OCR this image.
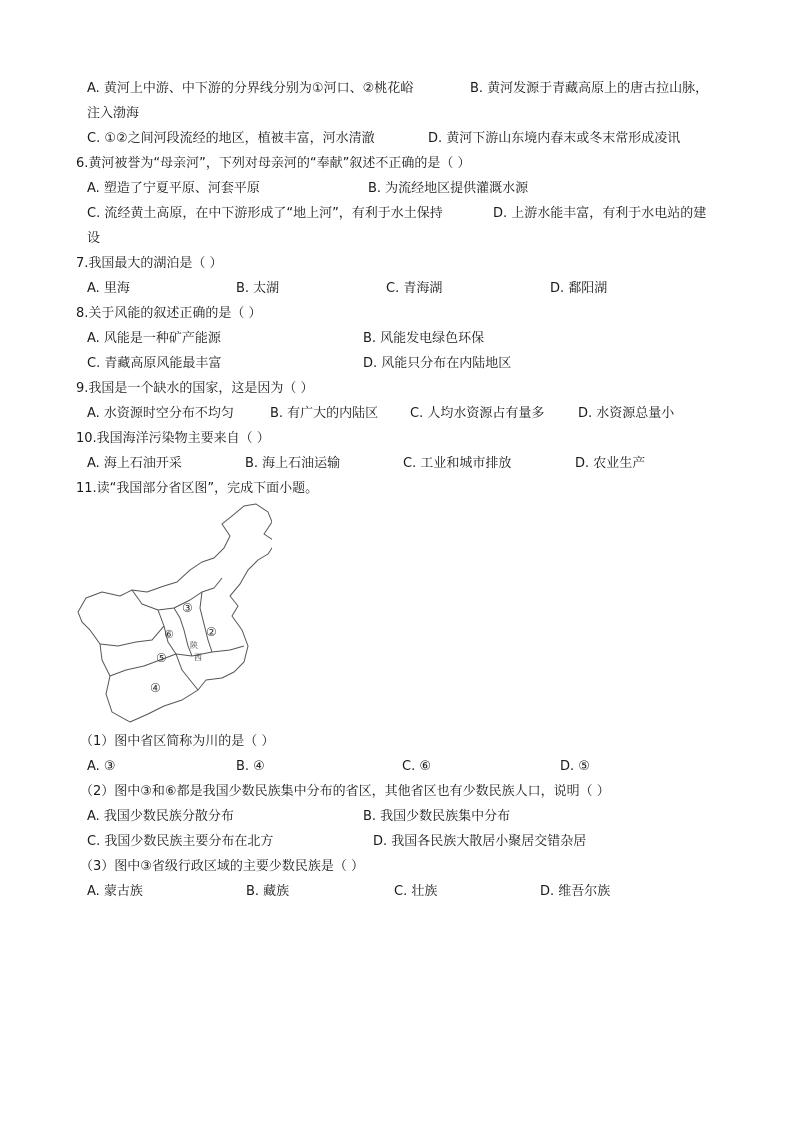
A. 黄河上中游、中下游的分界线分别为①河口、②桃花峪	B. 黄河发源于青藏高原上的唐古拉山脉，
注入渤海
C. ①②之间河段流经的地区，植被丰富，河水清澈	D. 黄河下游山东境内春末或冬末常形成凌讯
6.黄河被誉为“母亲河”，下列对母亲河的“奉献”叙述不正确的是（ ）
A. 塑造了宁夏平原、河套平原	B. 为流经地区提供灌溉水源
C. 流经黄土高原，在中下游形成了“地上河”，有利于水土保持	D. 上游水能丰富，有利于水电站的建
设
7.我国最大的湖泊是（ ）
A. 里海	B. 太湖	C. 青海湖	D. 鄱阳湖
8.关于风能的叙述正确的是（ ）
A. 风能是一种矿产能源	B. 风能发电绿色环保
C. 青藏高原风能最丰富	D. 风能只分布在内陆地区
9.我国是一个缺水的国家，这是因为（ ）
A. 水资源时空分布不均匀	B. 有广大的内陆区 C. 人均水资源占有量多	D. 水资源总量小
10.我国海洋污染物主要来自（ ）
A. 海上石油开采	B. 海上石油运输	C. 工业和城市排放	D. 农业生产
11.读“我国部分省区图”，完成下面小题。
③
②
⑥
⑤
④
陕
西
（1）图中省区简称为川的是（ ）
A. ③	B. ④	C. ⑥	D. ⑤
（2）图中③和⑥都是我国少数民族集中分布的省区，其他省区也有少数民族人口，说明（ ）
A. 我国少数民族分散分布	B. 我国少数民族集中分布
C. 我国少数民族主要分布在北方	D. 我国各民族大散居小聚居交错杂居
（3）图中③省级行政区域的主要少数民族是（ ）
A. 蒙古族	B. 藏族	C. 壮族	D. 维吾尔族
